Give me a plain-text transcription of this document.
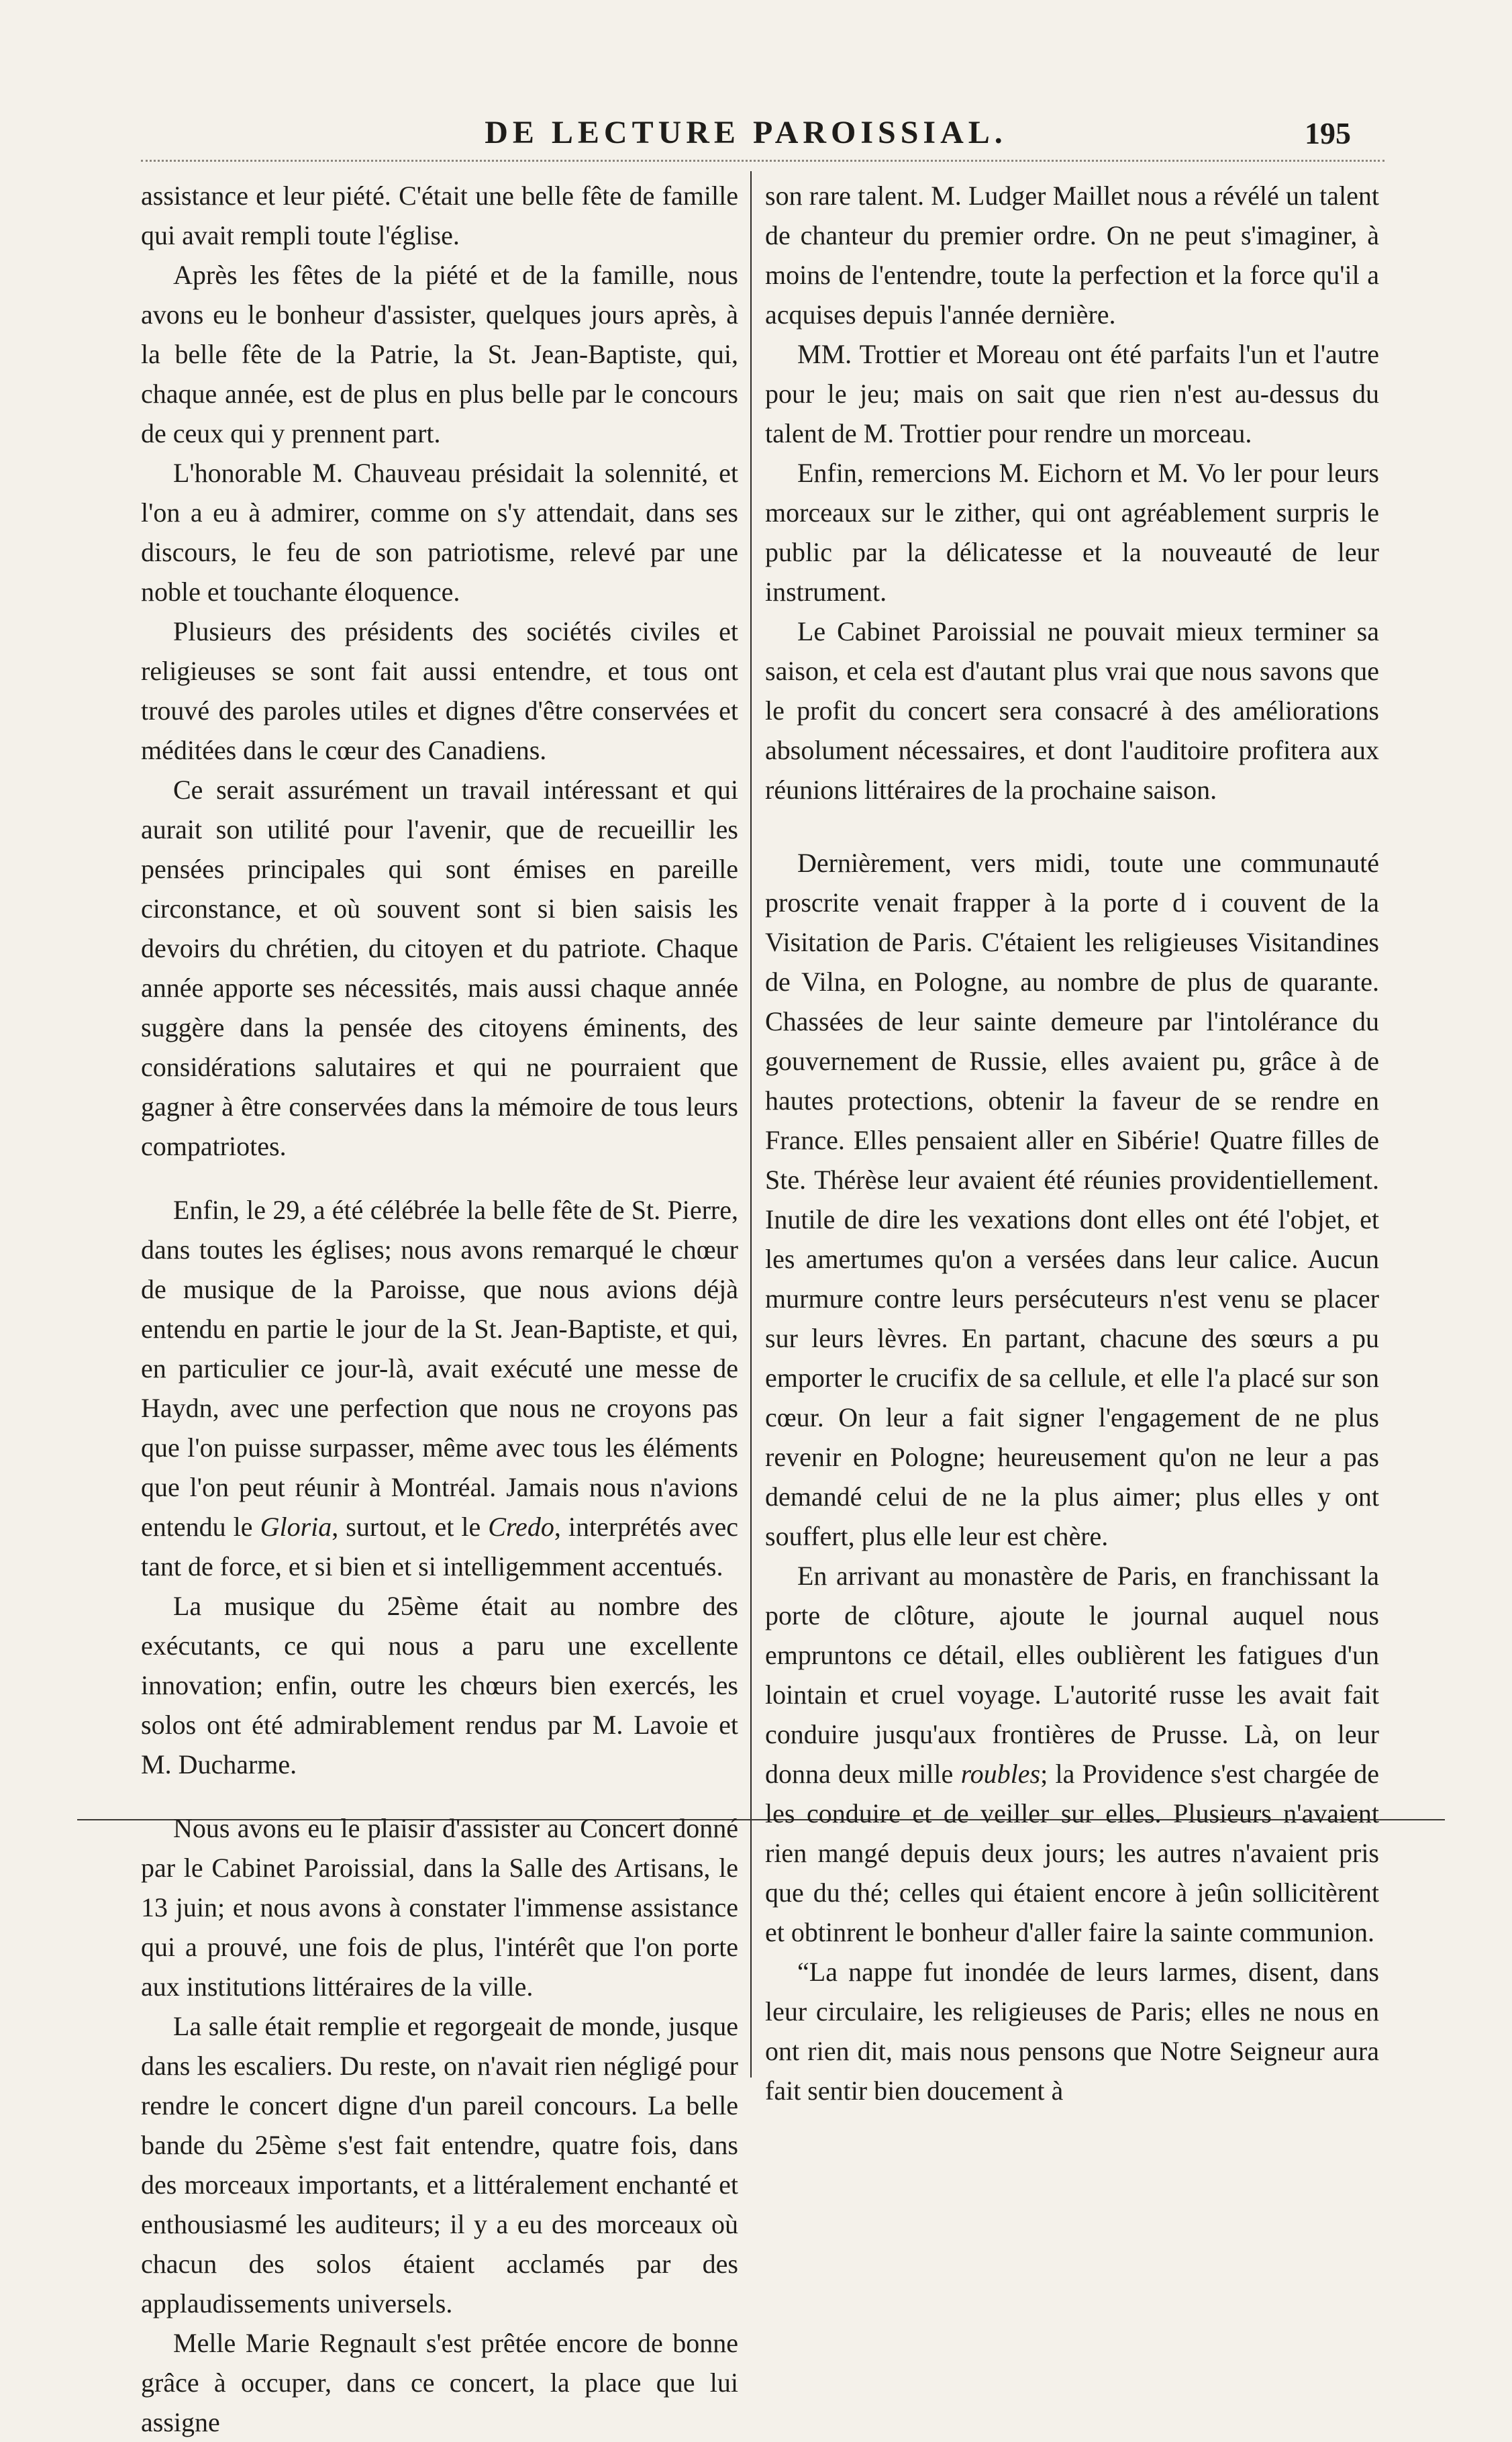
DE LECTURE PAROISSIAL.	195

assistance et leur piété. C'était une belle fête de famille qui avait rempli toute l'église.

Après les fêtes de la piété et de la famille, nous avons eu le bonheur d'assister, quelques jours après, à la belle fête de la Patrie, la St. Jean-Baptiste, qui, chaque année, est de plus en plus belle par le concours de ceux qui y prennent part.

L'honorable M. Chauveau présidait la solennité, et l'on a eu à admirer, comme on s'y attendait, dans ses discours, le feu de son patriotisme, relevé par une noble et touchante éloquence.

Plusieurs des présidents des sociétés civiles et religieuses se sont fait aussi entendre, et tous ont trouvé des paroles utiles et dignes d'être conservées et méditées dans le cœur des Canadiens.

Ce serait assurément un travail intéressant et qui aurait son utilité pour l'avenir, que de recueillir les pensées principales qui sont émises en pareille circonstance, et où souvent sont si bien saisis les devoirs du chrétien, du citoyen et du patriote. Chaque année apporte ses nécessités, mais aussi chaque année suggère dans la pensée des citoyens éminents, des considérations salutaires et qui ne pourraient que gagner à être conservées dans la mémoire de tous leurs compatriotes.

Enfin, le 29, a été célébrée la belle fête de St. Pierre, dans toutes les églises; nous avons remarqué le chœur de musique de la Paroisse, que nous avions déjà entendu en partie le jour de la St. Jean-Baptiste, et qui, en particulier ce jour-là, avait exécuté une messe de Haydn, avec une perfection que nous ne croyons pas que l'on puisse surpasser, même avec tous les éléments que l'on peut réunir à Montréal. Jamais nous n'avions entendu le Gloria, surtout, et le Credo, interprétés avec tant de force, et si bien et si intelligemment accentués.

La musique du 25ème était au nombre des exécutants, ce qui nous a paru une excellente innovation; enfin, outre les chœurs bien exercés, les solos ont été admirablement rendus par M. Lavoie et M. Ducharme.

Nous avons eu le plaisir d'assister au Concert donné par le Cabinet Paroissial, dans la Salle des Artisans, le 13 juin; et nous avons à constater l'immense assistance qui a prouvé, une fois de plus, l'intérêt que l'on porte aux institutions littéraires de la ville.

La salle était remplie et regorgeait de monde, jusque dans les escaliers. Du reste, on n'avait rien négligé pour rendre le concert digne d'un pareil concours. La belle bande du 25ème s'est fait entendre, quatre fois, dans des morceaux importants, et a littéralement enchanté et enthousiasmé les auditeurs; il y a eu des morceaux où chacun des solos étaient acclamés par des applaudissements universels.

Melle Marie Regnault s'est prêtée encore de bonne grâce à occuper, dans ce concert, la place que lui assigne

son rare talent. M. Ludger Maillet nous a révélé un talent de chanteur du premier ordre. On ne peut s'imaginer, à moins de l'entendre, toute la perfection et la force qu'il a acquises depuis l'année dernière.

MM. Trottier et Moreau ont été parfaits l'un et l'autre pour le jeu; mais on sait que rien n'est au-dessus du talent de M. Trottier pour rendre un morceau.

Enfin, remercions M. Eichorn et M. Vo ler pour leurs morceaux sur le zither, qui ont agréablement surpris le public par la délicatesse et la nouveauté de leur instrument.

Le Cabinet Paroissial ne pouvait mieux terminer sa saison, et cela est d'autant plus vrai que nous savons que le profit du concert sera consacré à des améliorations absolument nécessaires, et dont l'auditoire profitera aux réunions littéraires de la prochaine saison.

Dernièrement, vers midi, toute une communauté proscrite venait frapper à la porte d i couvent de la Visitation de Paris. C'étaient les religieuses Visitandines de Vilna, en Pologne, au nombre de plus de quarante. Chassées de leur sainte demeure par l'intolérance du gouvernement de Russie, elles avaient pu, grâce à de hautes protections, obtenir la faveur de se rendre en France. Elles pensaient aller en Sibérie! Quatre filles de Ste. Thérèse leur avaient été réunies providentiellement. Inutile de dire les vexations dont elles ont été l'objet, et les amertumes qu'on a versées dans leur calice. Aucun murmure contre leurs persécuteurs n'est venu se placer sur leurs lèvres. En partant, chacune des sœurs a pu emporter le crucifix de sa cellule, et elle l'a placé sur son cœur. On leur a fait signer l'engagement de ne plus revenir en Pologne; heureusement qu'on ne leur a pas demandé celui de ne la plus aimer; plus elles y ont souffert, plus elle leur est chère.

En arrivant au monastère de Paris, en franchissant la porte de clôture, ajoute le journal auquel nous empruntons ce détail, elles oublièrent les fatigues d'un lointain et cruel voyage. L'autorité russe les avait fait conduire jusqu'aux frontières de Prusse. Là, on leur donna deux mille roubles; la Providence s'est chargée de les conduire et de veiller sur elles. Plusieurs n'avaient rien mangé depuis deux jours; les autres n'avaient pris que du thé; celles qui étaient encore à jeûn sollicitèrent et obtinrent le bonheur d'aller faire la sainte communion.

“La nappe fut inondée de leurs larmes, disent, dans leur circulaire, les religieuses de Paris; elles ne nous en ont rien dit, mais nous pensons que Notre Seigneur aura fait sentir bien doucement à
